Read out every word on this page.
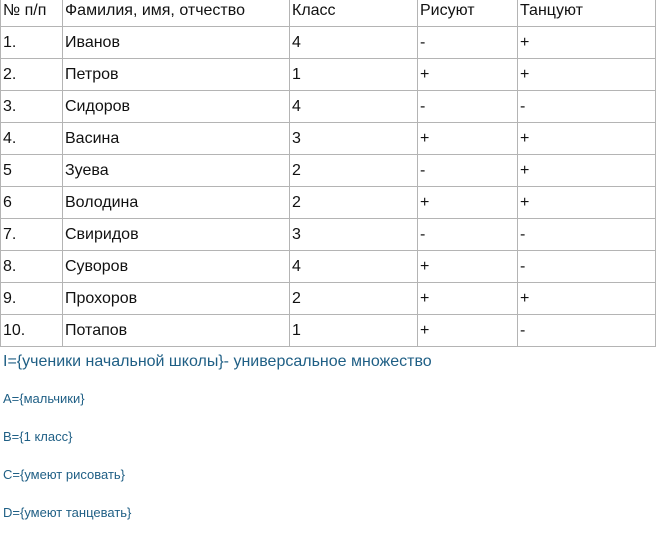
№ п/п	Фамилия, имя, отчество	Класс	Рисуют	Танцуют
1.	Иванов	4	-	+
2.	Петров	1	+	+
3.	Сидоров	4	-	-
4.	Васина	3	+	+
5	Зуева	2	-	+
6	Володина	2	+	+
7.	Свиридов	3	-	-
8.	Суворов	4	+	-
9.	Прохоров	2	+	+
10.	Потапов	1	+	-

I={ученики начальной школы}- универсальное множество

A={мальчики}

B={1 класс}

C={умеют рисовать}

D={умеют танцевать}
